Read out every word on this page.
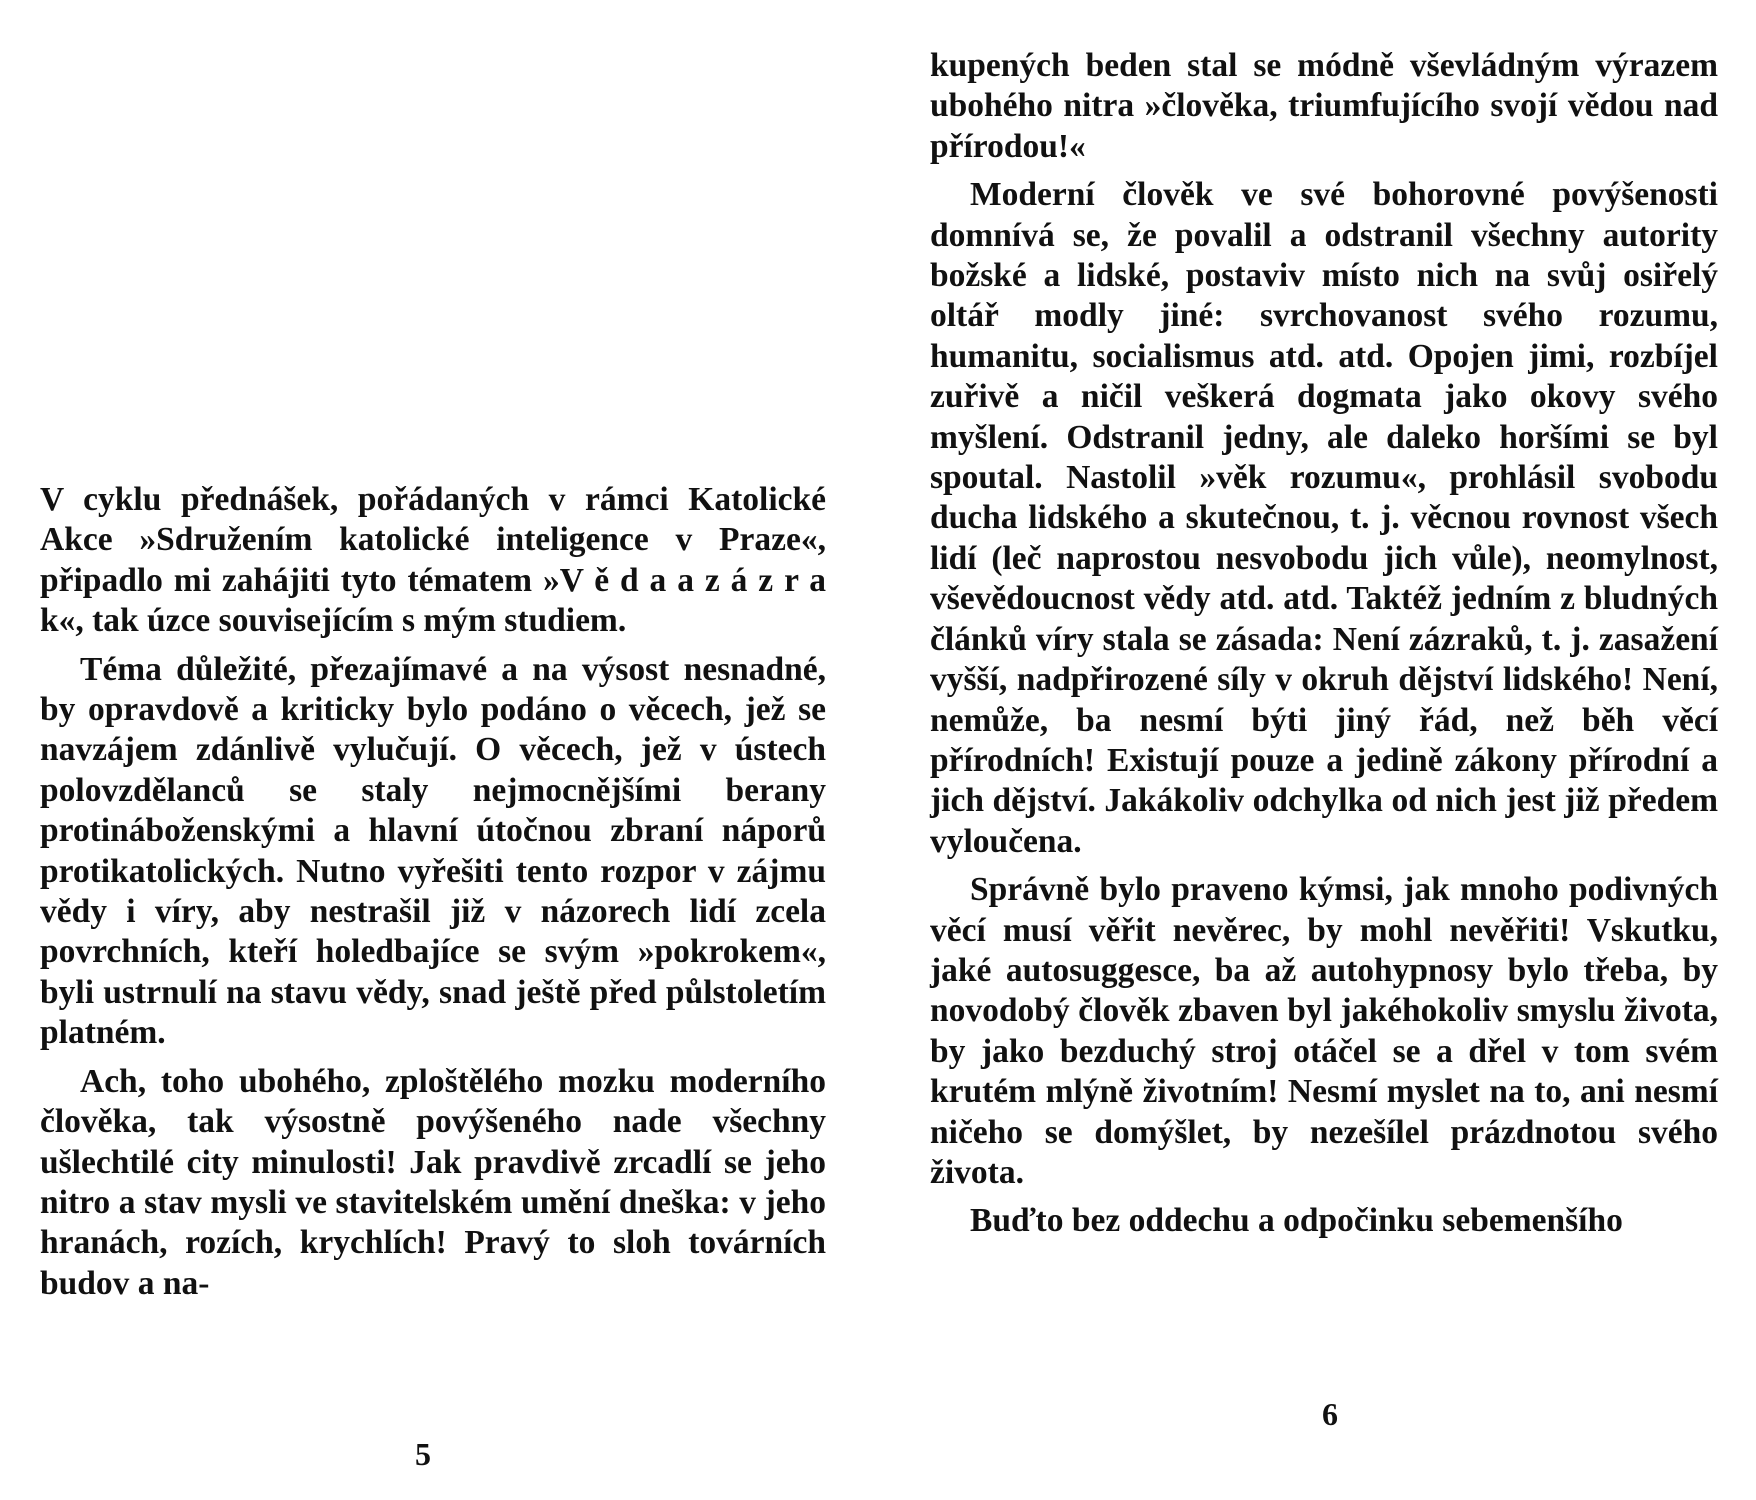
V cyklu přednášek, pořádaných v rámci Katolické Akce »Sdružením katolické inteligence v Praze«, připadlo mi zahájiti tyto tématem »V ě d a a z á z r a k«, tak úzce souvisejícím s mým studiem.

Téma důležité, přezajímavé a na výsost nesnadné, by opravdově a kriticky bylo podáno o věcech, jež se navzájem zdánlivě vylučují. O věcech, jež v ústech polovzdělanců se staly nejmocnějšími berany protináboženskými a hlavní útočnou zbraní náporů protikatolických. Nutno vyřešiti tento rozpor v zájmu vědy i víry, aby nestrašil již v názorech lidí zcela povrchních, kteří holedbajíce se svým »pokrokem«, byli ustrnulí na stavu vědy, snad ještě před půlstoletím platném.

Ach, toho ubohého, zploštělého mozku moderního člověka, tak výsostně povýšeného nade všechny ušlechtilé city minulosti! Jak pravdivě zrcadlí se jeho nitro a stav mysli ve stavitelském umění dneška: v jeho hranách, rozích, krychlích! Pravý to sloh továrních budov a na-

5

kupených beden stal se módně vševládným výrazem ubohého nitra »člověka, triumfujícího svojí vědou nad přírodou!«

Moderní člověk ve své bohorovné povýšenosti domnívá se, že povalil a odstranil všechny autority božské a lidské, postaviv místo nich na svůj osiřelý oltář modly jiné: svrchovanost svého rozumu, humanitu, socialismus atd. atd. Opojen jimi, rozbíjel zuřivě a ničil veškerá dogmata jako okovy svého myšlení. Odstranil jedny, ale daleko horšími se byl spoutal. Nastolil »věk rozumu«, prohlásil svobodu ducha lidského a skutečnou, t. j. věcnou rovnost všech lidí (leč naprostou nesvobodu jich vůle), neomylnost, vševědoucnost vědy atd. atd. Taktéž jedním z bludných článků víry stala se zásada: Není zázraků, t. j. zasažení vyšší, nadpřirozené síly v okruh dějství lidského! Není, nemůže, ba nesmí býti jiný řád, než běh věcí přírodních! Existují pouze a jedině zákony přírodní a jich dějství. Jakákoliv odchylka od nich jest již předem vyloučena.

Správně bylo praveno kýmsi, jak mnoho podivných věcí musí věřit nevěrec, by mohl nevěřiti! Vskutku, jaké autosuggesce, ba až autohypnosy bylo třeba, by novodobý člověk zbaven byl jakéhokoliv smyslu života, by jako bezduchý stroj otáčel se a dřel v tom svém krutém mlýně životním! Nesmí myslet na to, ani nesmí ničeho se domýšlet, by nezešílel prázdnotou svého života.

Buďto bez oddechu a odpočinku sebemenšího

6
